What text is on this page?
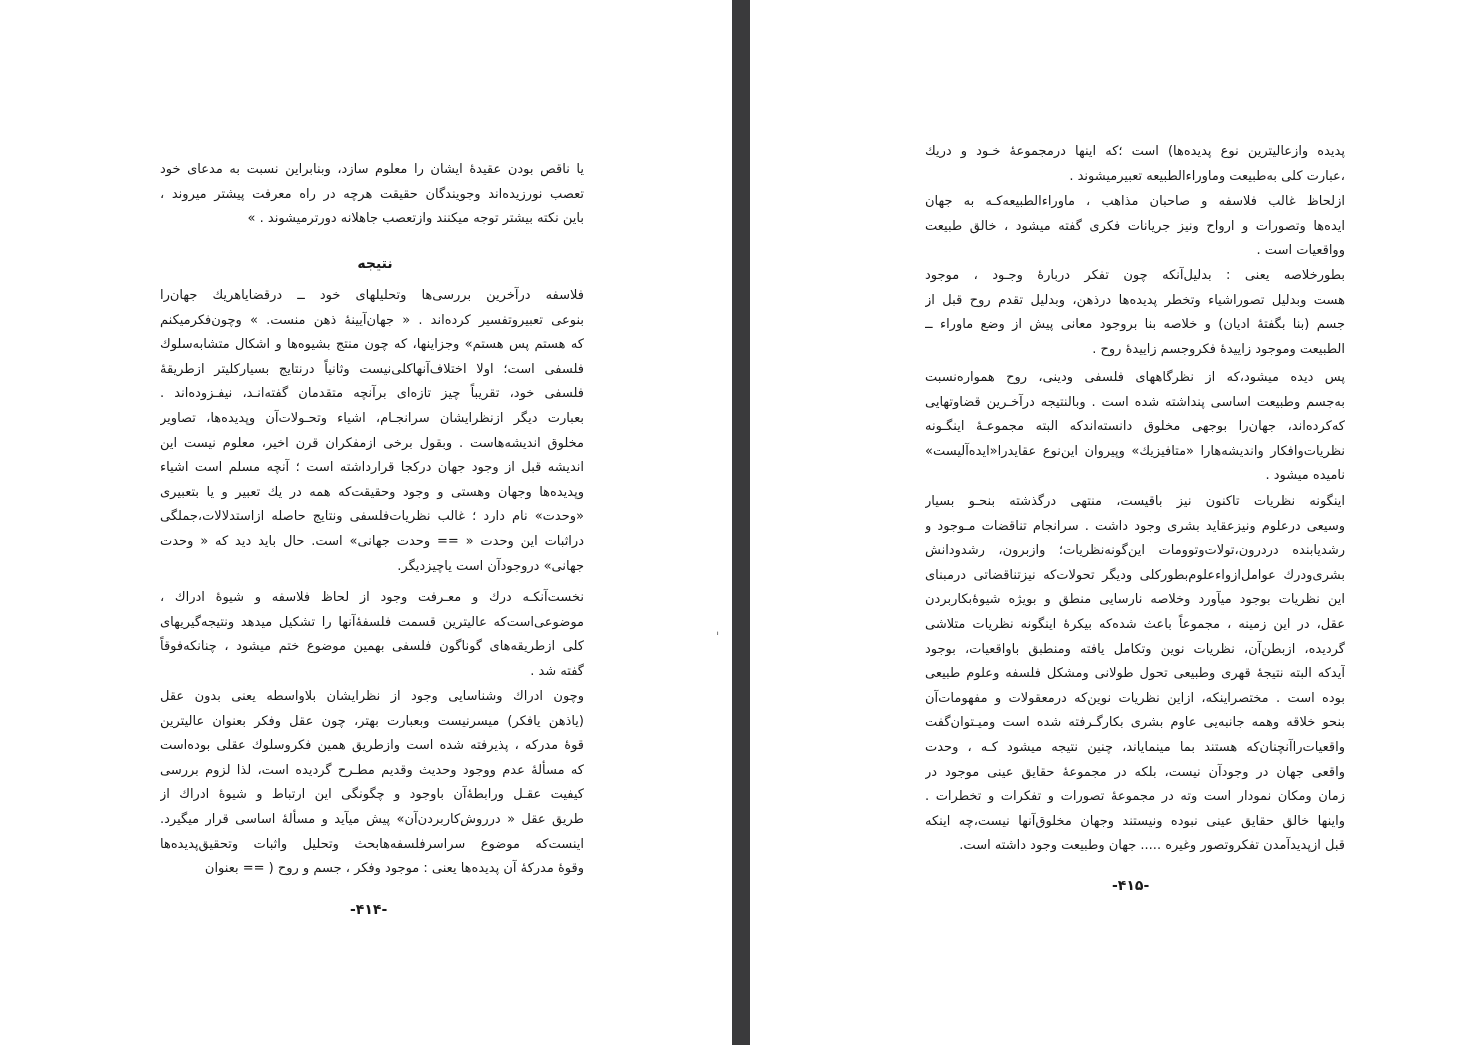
یا ناقص بودن عقیدهٔ ایشان را معلوم سازد، وبنابراین نسبت به مدعای خود
تعصب نورزیده‌اند وجویندگان حقیقت هرچه در راه معرفت پیشتر میروند ،
باین نکته بیشتر توجه میکنند وازتعصب جاهلانه دورترمیشوند . »
نتیجه
فلاسفه درآخرین بررسی‌ها وتحلیلهای خود ــ درقضایاهریك جهان‌را
بنوعی تعبیروتفسیر کرده‌اند . « جهان‌آیینهٔ ذهن منست. » وچون‌فکرمیکنم
که هستم پس هستم» وجزاینها، که چون منتج بشیوه‌ها و اشکال متشابه‌سلوك
فلسفی است؛ اولا اختلاف‌آنهاکلی‌نیست وثانیاً درنتایج بسیارکلیتر ازطریقهٔ
فلسفی خود، تقریباً چیز تازه‌ای برآنچه متقدمان گفته‌انـد، نیفـزوده‌اند .
بعبارت دیگر ازنظرایشان سرانجـام، اشیاء وتحـولات‌آن وپدیده‌ها، تصاویر
مخلوق اندیشه‌هاست . وبقول برخی ازمفکران قرن اخیر، معلوم نیست این
اندیشه قبل از وجود جهان درکجا قرارداشته است ؛ آنچه مسلم است اشیاء
وپدیده‌ها وجهان وهستی و وجود وحقیقت‌که همه در یك تعبیر و یا بتعبیری
«وحدت» نام دارد ؛ غالب نظریات‌فلسفی ونتایج حاصله ازاستدلالات،جملگی
دراثبات این وحدت « == وحدت جهانی» است. حال باید دید که « وحدت
جهانی» دروجودآن است یاچیزدیگر.
نخست‌آنکـه درك و معـرفت وجود از لحاظ فلاسفه و شیوهٔ ادراك ،
موضوعی‌است‌که عالیترین قسمت فلسفهٔ‌آنها را تشکیل میدهد ونتیجه‌گیریهای
کلی ازطریقه‌های گوناگون فلسفی بهمین موضوع ختم میشود ، چنانکه‌فوقاً
گفته شد .
وچون ادراك وشناسایی وجود از نظرایشان بلاواسطه یعنی بدون عقل
(یاذهن یافکر) میسرنیست وبعبارت بهتر، چون عقل وفکر بعنوان عالیترین
قوهٔ مدرکه ، پذیرفته شده است وازطریق همین فکروسلوك عقلی بوده‌است
که مسألهٔ عدم ووجود وحدیث وقدیم مطـرح گردیده است، لذا لزوم بررسی
کیفیت عقـل ورابطهٔ‌آن باوجود و چگونگی این ارتباط و شیوهٔ ادراك از
طریق عقل « درروش‌کاربردن‌آن» پیش میآید و مسألهٔ اساسی قرار میگیرد.
اینست‌که موضوع سراسرفلسفه‌ها‌بحث وتحلیل واثبات وتحقیق‌پدیده‌ها
وقوهٔ مدرکهٔ آن پدیده‌ها یعنی : موجود وفکر ، جسم و روح ( == بعنوان
-۴۱۴-
ˈ
پدیده وازعالیترین نوع پدیده‌ها) است ؛که اینها درمجموعهٔ خـود و دریك
،عبارت کلی بەطبیعت وماوراءالطبیعه تعبیرمیشوند .
ازلحاظ غالب فلاسفه و صاحبان مذاهب ، ماوراءالطبیعه‌کـه به جهان
ایده‌ها وتصورات و ارواح ونیز جریانات فکری گفته میشود ، خالق طبیعت
وواقعیات است .
بطورخلاصه یعنی : بدلیل‌آنکه چون تفکر دربارهٔ وجـود ، موجود
هست وبدلیل تصوراشیاء وتخطر پدیده‌ها درذهن، وبدلیل تقدم روح قبل از
جسم (بنا بگفتهٔ ادیان) و خلاصه بنا بروجود معانی پیش از وضع ماوراء ــ
الطبیعت وموجود زاییدهٔ فکروجسم زاییدهٔ روح .
پس دیده میشود،که از نظرگاههای فلسفی ودینی، روح همواره‌نسبت
بەجسم وطبیعت اساسی پنداشته شده است . وبالنتیجه درآخـرین قضاوتهایی
که‌کرده‌اند، جهان‌را بوجهی مخلوق دانسته‌اندکه البته مجموعـهٔ اینگـونه
نظریات‌وافکار واندیشه‌هارا «متافیزیك» وپیروان این‌نوع عقایدرا«ایده‌آلیست»
نامیده میشود .
اینگونه نظریات تاکنون نیز باقیست، منتهی درگذشته بنحـو بسیار
وسیعی درعلوم ونیزعقاید بشری وجود داشت . سرانجام تناقضات مـوجود و
رشدیابنده دردرون،تولات‌وتوومات این‌گونه‌نظریات؛ وازبرون، رشدودانش
بشری‌ودرك عوامل‌ازواء‌علوم‌بطورکلی وديگر تحولات‌که نیزتناقضاتی درمبنای
این نظریات بوجود میآورد وخلاصه نارسایی منطق و بویژه شیوهٔ‌بکاربردن
عقل، در این زمینه ، مجموعاً باعث شده‌که بیکرهٔ اینگونه نظریات متلاشی
گردیده، ازبطن‌آن، نظریات نوین وتکامل یافته ومنطبق باواقعیات، بوجود
آیدکه البته نتیجهٔ قهری وطبیعی تحول طولانی ومشکل فلسفه وعلوم طبیعی
بوده است . مختصراینکه، ازاین نظریات نوین‌که درمعقولات و مفهومات‌آن
بنحو خلاقه وهمه جانبه‌یی عاوم بشری بکارگـرفته شده است ومیـتوان‌گفت
واقعیات‌راآنچنان‌که هستند بما مینمایاند، چنین نتیجه میشود کـه ، وحدت
واقعی جهان در وجودآن نیست، بلکه در مجموعهٔ حقایق عینی موجود در
زمان ومکان نمودار است وته در مجموعهٔ تصورات و تفکرات و تخطرات .
واینها خالق حقایق عینی نبوده ونیستند وجهان مخلوق‌آنها نیست،چه اینکه
قبل ازپدیدآمدن تفکروتصور وغیره ..... جهان وطبیعت وجود داشته است.
-۴۱۵-
